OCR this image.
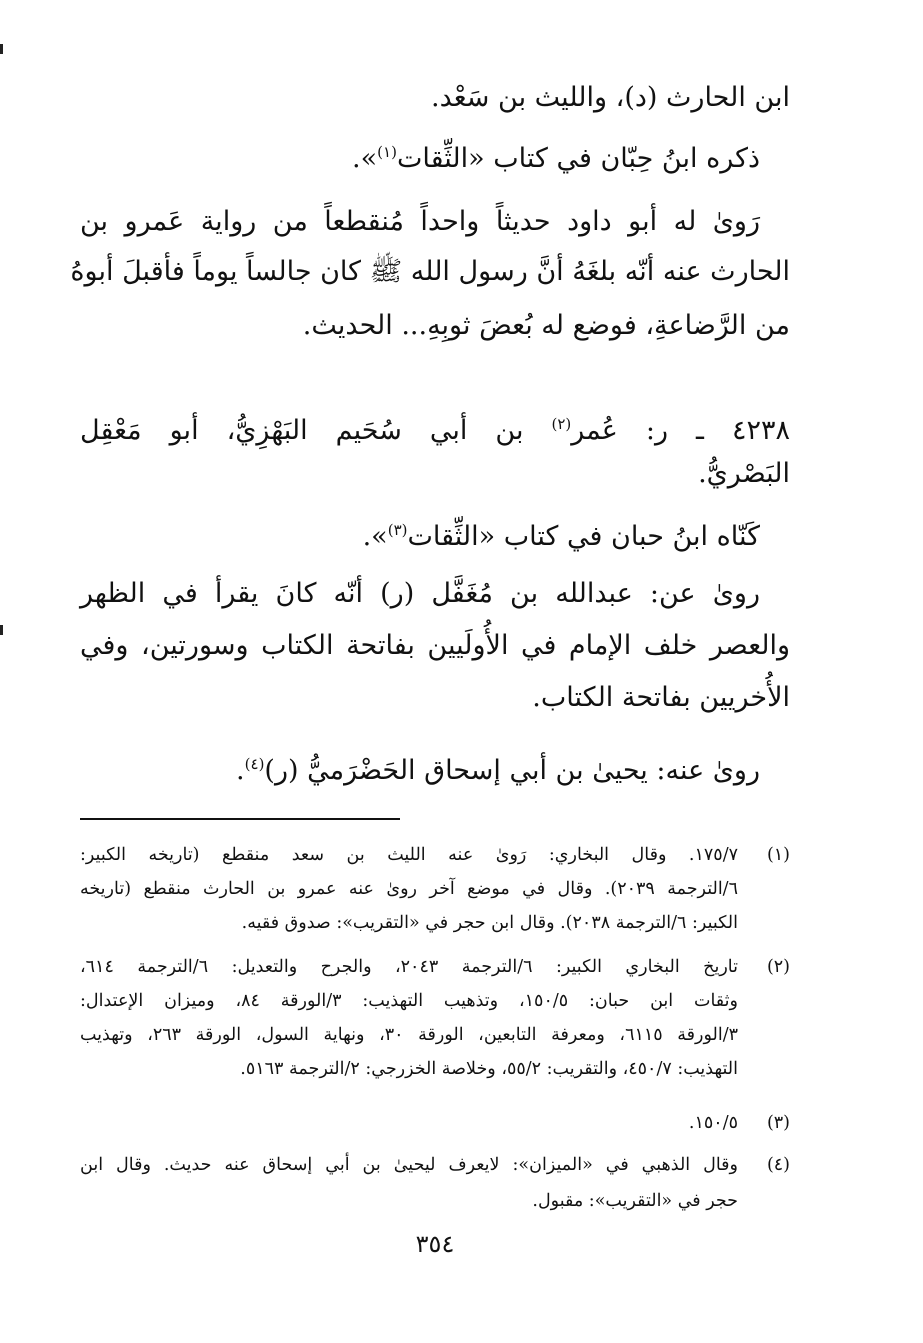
ابن الحارث (د)، والليث بن سَعْد.
ذكره ابنُ حِبّان في كتاب «الثِّقات$^{(١)}$».
رَوىٰ له أبو داود حديثاً واحداً مُنقطعاً من رواية عَمرو بن
الحارث عنه أنّه بلغَهُ أنَّ رسول الله ﷺ كان جالساً يوماً فأقبلَ أبوهُ
من الرَّضاعةِ، فوضع له بُعضَ ثوبِهِ... الحديث.
٤٢٣٨ ـ ر: عُمر$^{(٢)}$ بن أبي سُحَيم البَهْزِيُّ، أبو مَعْقِل
البَصْريُّ.
كَنّاه ابنُ حبان في كتاب «الثِّقات$^{(٣)}$».
روىٰ عن: عبدالله بن مُغَفَّل (ر) أنّه كانَ يقرأ في الظهر
والعصر خلف الإمام في الأُولَيين بفاتحة الكتاب وسورتين، وفي
الأُخريين بفاتحة الكتاب.
روىٰ عنه: يحيىٰ بن أبي إسحاق الحَضْرَميُّ (ر)$^{(٤)}$.
(١)
١٧٥/٧. وقال البخاري: رَوىٰ عنه الليث بن سعد منقطع (تاريخه الكبير:
٦/الترجمة ٢٠٣٩). وقال في موضع آخر روىٰ عنه عمرو بن الحارث منقطع (تاريخه
الكبير: ٦/الترجمة ٢٠٣٨). وقال ابن حجر في «التقريب»: صدوق فقيه.
(٢)
تاريخ البخاري الكبير: ٦/الترجمة ٢٠٤٣، والجرح والتعديل: ٦/الترجمة ٦١٤،
وثقات ابن حبان: ١٥٠/٥، وتذهيب التهذيب: ٣/الورقة ٨٤، وميزان الإعتدال:
٣/الورقة ٦١١٥، ومعرفة التابعين، الورقة ٣٠، ونهاية السول، الورقة ٢٦٣، وتهذيب
التهذيب: ٤٥٠/٧، والتقريب: ٥٥/٢، وخلاصة الخزرجي: ٢/الترجمة ٥١٦٣.
(٣)
١٥٠/٥.
(٤)
وقال الذهبي في «الميزان»: لايعرف ليحيىٰ بن أبي إسحاق عنه حديث. وقال ابن
حجر في «التقريب»: مقبول.
٣٥٤
